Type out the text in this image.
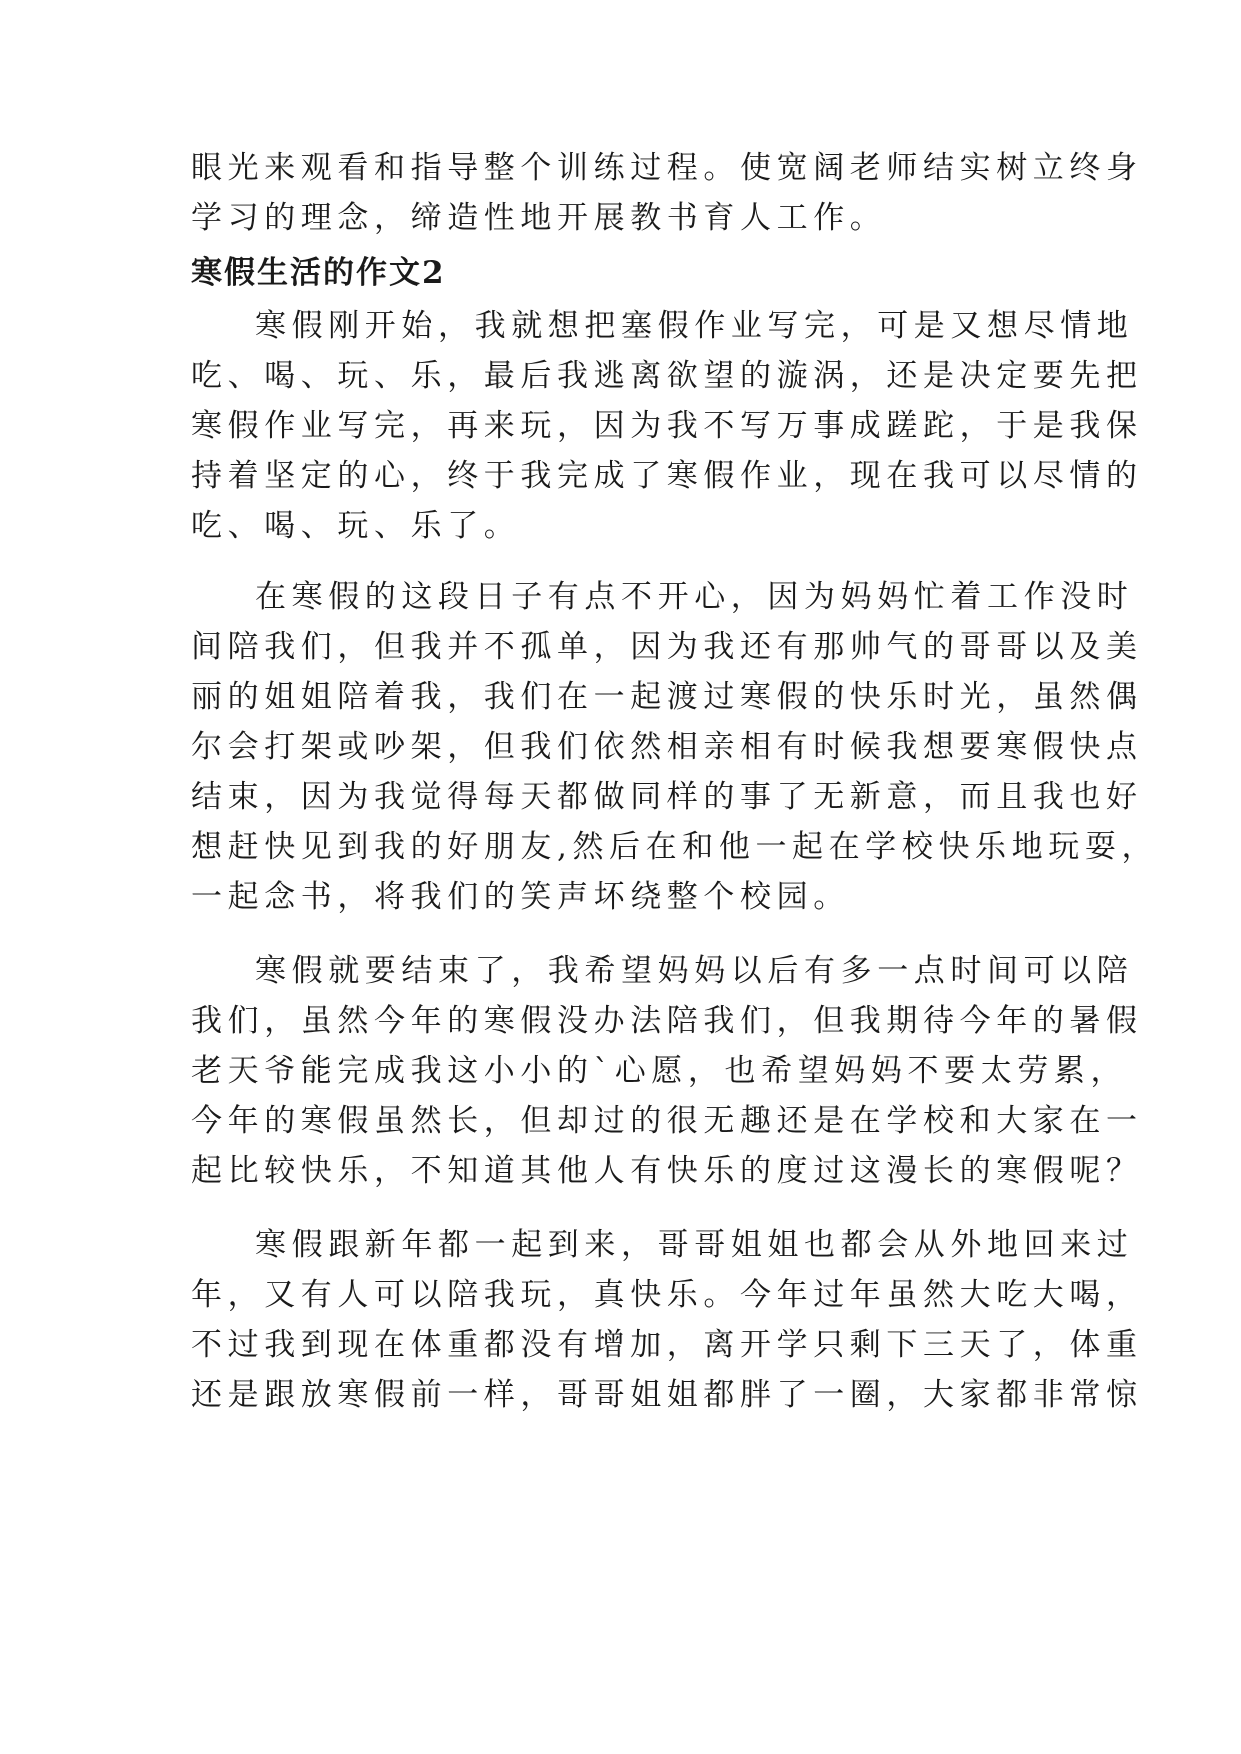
眼光来观看和指导整个训练过程。使宽阔老师结实树立终身

学习的理念，缔造性地开展教书育人工作。

寒假生活的作文2

寒假刚开始，我就想把塞假作业写完，可是又想尽情地

吃、喝、玩、乐，最后我逃离欲望的漩涡，还是决定要先把

寒假作业写完，再来玩，因为我不写万事成蹉跎，于是我保

持着坚定的心，终于我完成了寒假作业，现在我可以尽情的

吃、喝、玩、乐了。

在寒假的这段日子有点不开心，因为妈妈忙着工作没时

间陪我们，但我并不孤单，因为我还有那帅气的哥哥以及美

丽的姐姐陪着我，我们在一起渡过寒假的快乐时光，虽然偶

尔会打架或吵架，但我们依然相亲相有时候我想要寒假快点

结束，因为我觉得每天都做同样的事了无新意，而且我也好

想赶快见到我的好朋友,然后在和他一起在学校快乐地玩耍，

一起念书，将我们的笑声坏绕整个校园。

寒假就要结束了，我希望妈妈以后有多一点时间可以陪

我们，虽然今年的寒假没办法陪我们，但我期待今年的暑假

老天爷能完成我这小小的`心愿，也希望妈妈不要太劳累，

今年的寒假虽然长，但却过的很无趣还是在学校和大家在一

起比较快乐，不知道其他人有快乐的度过这漫长的寒假呢？

寒假跟新年都一起到来，哥哥姐姐也都会从外地回来过

年，又有人可以陪我玩，真快乐。今年过年虽然大吃大喝，

不过我到现在体重都没有增加，离开学只剩下三天了，体重

还是跟放寒假前一样，哥哥姐姐都胖了一圈，大家都非常惊
